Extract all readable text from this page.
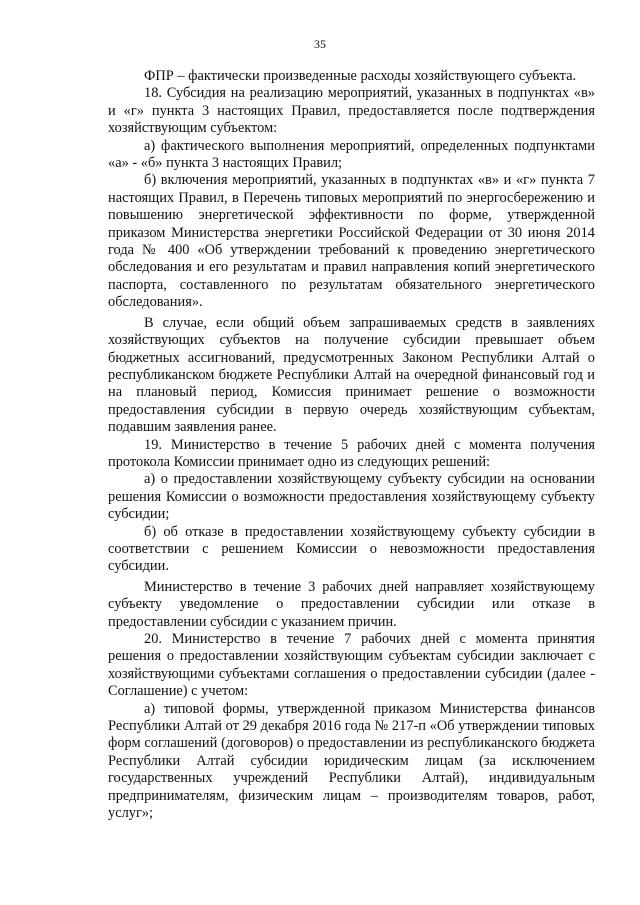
35

ФПР – фактически произведенные расходы хозяйствующего субъекта.

18. Субсидия на реализацию мероприятий, указанных в подпунктах «в» и «г» пункта 3 настоящих Правил, предоставляется после подтверждения хозяйствующим субъектом:

а) фактического выполнения мероприятий, определенных подпунктами «а» - «б» пункта 3 настоящих Правил;

б) включения мероприятий, указанных в подпунктах «в» и «г» пункта 7 настоящих Правил, в Перечень типовых мероприятий по энергосбережению и повышению энергетической эффективности по форме, утвержденной приказом Министерства энергетики Российской Федерации от 30 июня 2014 года № 400 «Об утверждении требований к проведению энергетического обследования и его результатам и правил направления копий энергетического паспорта, составленного по результатам обязательного энергетического обследования».

В случае, если общий объем запрашиваемых средств в заявлениях хозяйствующих субъектов на получение субсидии превышает объем бюджетных ассигнований, предусмотренных Законом Республики Алтай о республиканском бюджете Республики Алтай на очередной финансовый год и на плановый период, Комиссия принимает решение о возможности предоставления субсидии в первую очередь хозяйствующим субъектам, подавшим заявления ранее.

19. Министерство в течение 5 рабочих дней с момента получения протокола Комиссии принимает одно из следующих решений:

а) о предоставлении хозяйствующему субъекту субсидии на основании решения Комиссии о возможности предоставления хозяйствующему субъекту субсидии;

б) об отказе в предоставлении хозяйствующему субъекту субсидии в соответствии с решением Комиссии о невозможности предоставления субсидии.

Министерство в течение 3 рабочих дней направляет хозяйствующему субъекту уведомление о предоставлении субсидии или отказе в предоставлении субсидии с указанием причин.

20. Министерство в течение 7 рабочих дней с момента принятия решения о предоставлении хозяйствующим субъектам субсидии заключает с хозяйствующими субъектами соглашения о предоставлении субсидии (далее - Соглашение) с учетом:

а) типовой формы, утвержденной приказом Министерства финансов Республики Алтай от 29 декабря 2016 года № 217-п «Об утверждении типовых форм соглашений (договоров) о предоставлении из республиканского бюджета Республики Алтай субсидии юридическим лицам (за исключением государственных учреждений Республики Алтай), индивидуальным предпринимателям, физическим лицам – производителям товаров, работ, услуг»;
